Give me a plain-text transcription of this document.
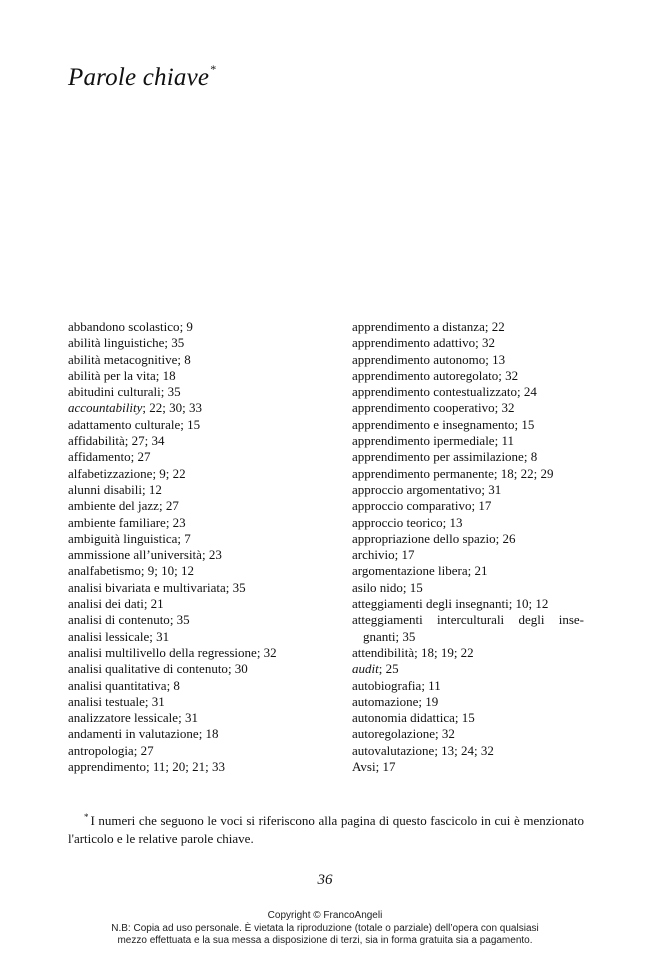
Parole chiave*
abbandono scolastico; 9
abilità linguistiche; 35
abilità metacognitive; 8
abilità per la vita; 18
abitudini culturali; 35
accountability; 22; 30; 33
adattamento culturale; 15
affidabilità; 27; 34
affidamento; 27
alfabetizzazione; 9; 22
alunni disabili; 12
ambiente del jazz; 27
ambiente familiare; 23
ambiguità linguistica; 7
ammissione all’università; 23
analfabetismo; 9; 10; 12
analisi bivariata e multivariata; 35
analisi dei dati; 21
analisi di contenuto; 35
analisi lessicale; 31
analisi multilivello della regressione; 32
analisi qualitative di contenuto; 30
analisi quantitativa; 8
analisi testuale; 31
analizzatore lessicale; 31
andamenti in valutazione; 18
antropologia; 27
apprendimento; 11; 20; 21; 33
apprendimento a distanza; 22
apprendimento adattivo; 32
apprendimento autonomo; 13
apprendimento autoregolato; 32
apprendimento contestualizzato; 24
apprendimento cooperativo; 32
apprendimento e insegnamento; 15
apprendimento ipermediale; 11
apprendimento per assimilazione; 8
apprendimento permanente; 18; 22; 29
approccio argomentativo; 31
approccio comparativo; 17
approccio teorico; 13
appropriazione dello spazio; 26
archivio; 17
argomentazione libera; 21
asilo nido; 15
atteggiamenti degli insegnanti; 10; 12
atteggiamenti interculturali degli inse-gnanti; 35
attendibilità; 18; 19; 22
audit; 25
autobiografia; 11
automazione; 19
autonomia didattica; 15
autoregolazione; 32
autovalutazione; 13; 24; 32
Avsi; 17

* I numeri che seguono le voci si riferiscono alla pagina di questo fascicolo in cui è menzionato l'articolo e le relative parole chiave.

36
Copyright © FrancoAngeli
N.B: Copia ad uso personale. È vietata la riproduzione (totale o parziale) dell’opera con qualsiasi
mezzo effettuata e la sua messa a disposizione di terzi, sia in forma gratuita sia a pagamento.
